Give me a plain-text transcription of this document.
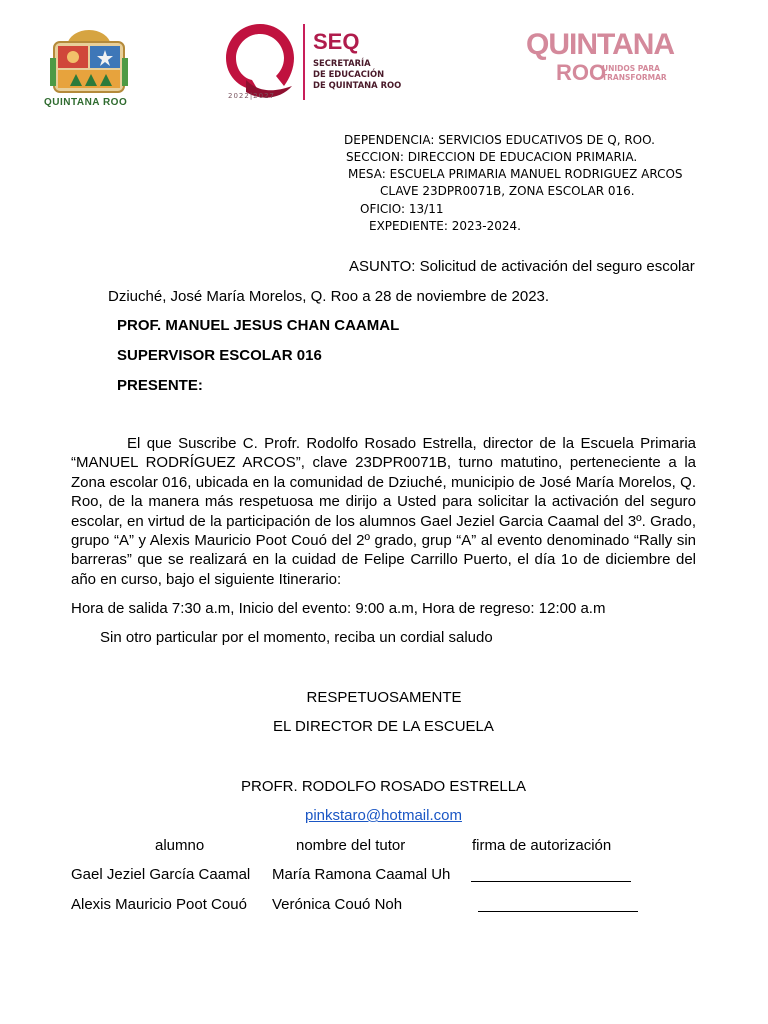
QUINTANA ROO
2022|2027
SEQ
SECRETARÍA
DE EDUCACIÓN
DE QUINTANA ROO
QUINTANA
ROO
UNIDOS PARA
TRANSFORMAR
DEPENDENCIA: SERVICIOS EDUCATIVOS DE Q, ROO.
SECCION: DIRECCION DE EDUCACION PRIMARIA.
MESA: ESCUELA PRIMARIA MANUEL RODRIGUEZ ARCOS
CLAVE 23DPR0071B, ZONA ESCOLAR 016.
OFICIO: 13/11
EXPEDIENTE: 2023-2024.
ASUNTO: Solicitud de activación del seguro escolar
Dziuché, José María Morelos, Q. Roo a 28 de noviembre de 2023.
PROF. MANUEL JESUS CHAN CAAMAL
SUPERVISOR ESCOLAR 016
PRESENTE:
El que Suscribe C. Profr. Rodolfo Rosado Estrella, director de la Escuela Primaria “MANUEL RODRÍGUEZ ARCOS”, clave 23DPR0071B, turno matutino, perteneciente a la Zona escolar 016, ubicada en la comunidad de Dziuché, municipio de José María Morelos, Q. Roo, de la manera más respetuosa me dirijo a Usted para solicitar la activación del seguro escolar, en virtud de la participación de los alumnos Gael Jeziel Garcia Caamal del 3º. Grado, grupo “A” y Alexis Mauricio Poot Couó del 2º grado, grup “A” al evento denominado “Rally sin barreras” que se realizará en la cuidad de Felipe Carrillo Puerto, el día 1o de diciembre del año en curso, bajo el siguiente Itinerario:
Hora de salida 7:30 a.m, Inicio del evento: 9:00 a.m, Hora de regreso: 12:00 a.m
Sin otro particular por el momento, reciba un cordial saludo
RESPETUOSAMENTE
EL DIRECTOR DE LA ESCUELA
PROFR. RODOLFO ROSADO ESTRELLA
pinkstaro@hotmail.com
alumno	nombre del tutor	firma de autorización
Gael Jeziel García Caamal María Ramona Caamal Uh
Alexis Mauricio Poot Couó Verónica Couó Noh
